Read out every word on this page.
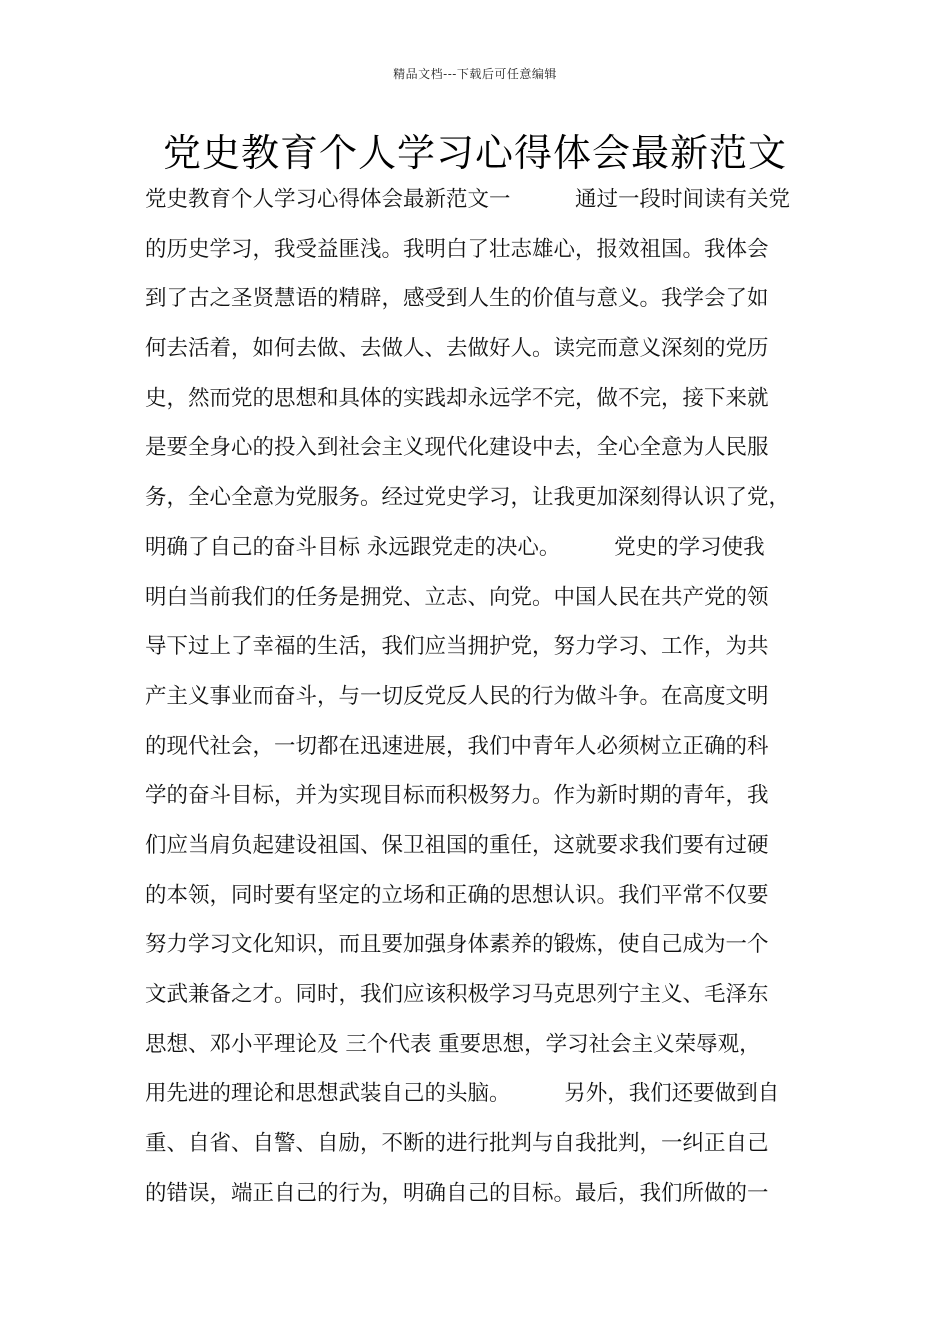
精品文档---下载后可任意编辑
党史教育个人学习心得体会最新范文
党史教育个人学习心得体会最新范文一　　　通过一段时间读有关党
的历史学习，我受益匪浅。我明白了壮志雄心，报效祖国。我体会
到了古之圣贤慧语的精辟，感受到人生的价值与意义。我学会了如
何去活着，如何去做、去做人、去做好人。读完而意义深刻的党历
史，然而党的思想和具体的实践却永远学不完，做不完，接下来就
是要全身心的投入到社会主义现代化建设中去，全心全意为人民服
务，全心全意为党服务。经过党史学习，让我更加深刻得认识了党，
明确了自己的奋斗目标 永远跟党走的决心。　　　党史的学习使我
明白当前我们的任务是拥党、立志、向党。中国人民在共产党的领
导下过上了幸福的生活，我们应当拥护党，努力学习、工作，为共
产主义事业而奋斗，与一切反党反人民的行为做斗争。在高度文明
的现代社会，一切都在迅速进展，我们中青年人必须树立正确的科
学的奋斗目标，并为实现目标而积极努力。作为新时期的青年，我
们应当肩负起建设祖国、保卫祖国的重任，这就要求我们要有过硬
的本领，同时要有坚定的立场和正确的思想认识。我们平常不仅要
努力学习文化知识，而且要加强身体素养的锻炼，使自己成为一个
文武兼备之才。同时，我们应该积极学习马克思列宁主义、毛泽东
思想、邓小平理论及 三个代表 重要思想，学习社会主义荣辱观，
用先进的理论和思想武装自己的头脑。　　　另外，我们还要做到自
重、自省、自警、自励，不断的进行批判与自我批判，一纠正自己
的错误，端正自己的行为，明确自己的目标。最后，我们所做的一
